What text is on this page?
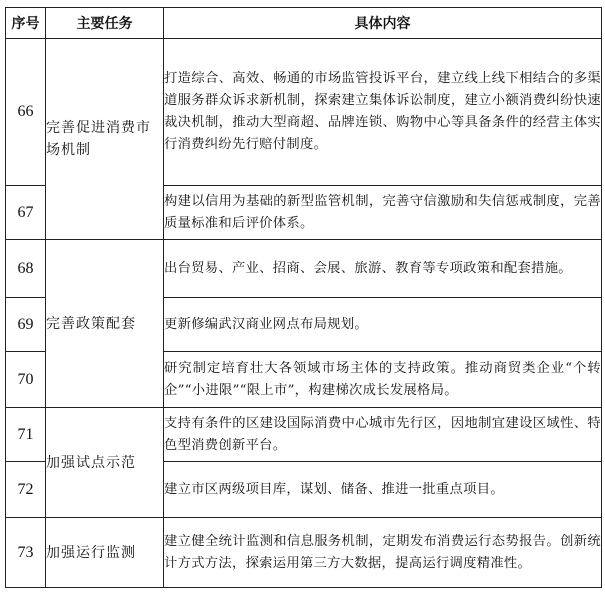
序号	主要任务	具体内容
66	完善促进消费市场机制	打造综合、高效、畅通的市场监管投诉平台，建立线上线下相结合的多渠道服务群众诉求新机制，探索建立集体诉讼制度，建立小额消费纠纷快速裁决机制，推动大型商超、品牌连锁、购物中心等具备条件的经营主体实行消费纠纷先行赔付制度。
67		构建以信用为基础的新型监管机制，完善守信激励和失信惩戒制度，完善质量标准和后评价体系。
68	完善政策配套	出台贸易、产业、招商、会展、旅游、教育等专项政策和配套措施。
69		更新修编武汉商业网点布局规划。
70		研究制定培育壮大各领域市场主体的支持政策。推动商贸类企业“个转企”“小进限”“限上市”，构建梯次成长发展格局。
71	加强试点示范	支持有条件的区建设国际消费中心城市先行区，因地制宜建设区域性、特色型消费创新平台。
72		建立市区两级项目库，谋划、储备、推进一批重点项目。
73	加强运行监测	建立健全统计监测和信息服务机制，定期发布消费运行态势报告。创新统计方式方法，探索运用第三方大数据，提高运行调度精准性。
